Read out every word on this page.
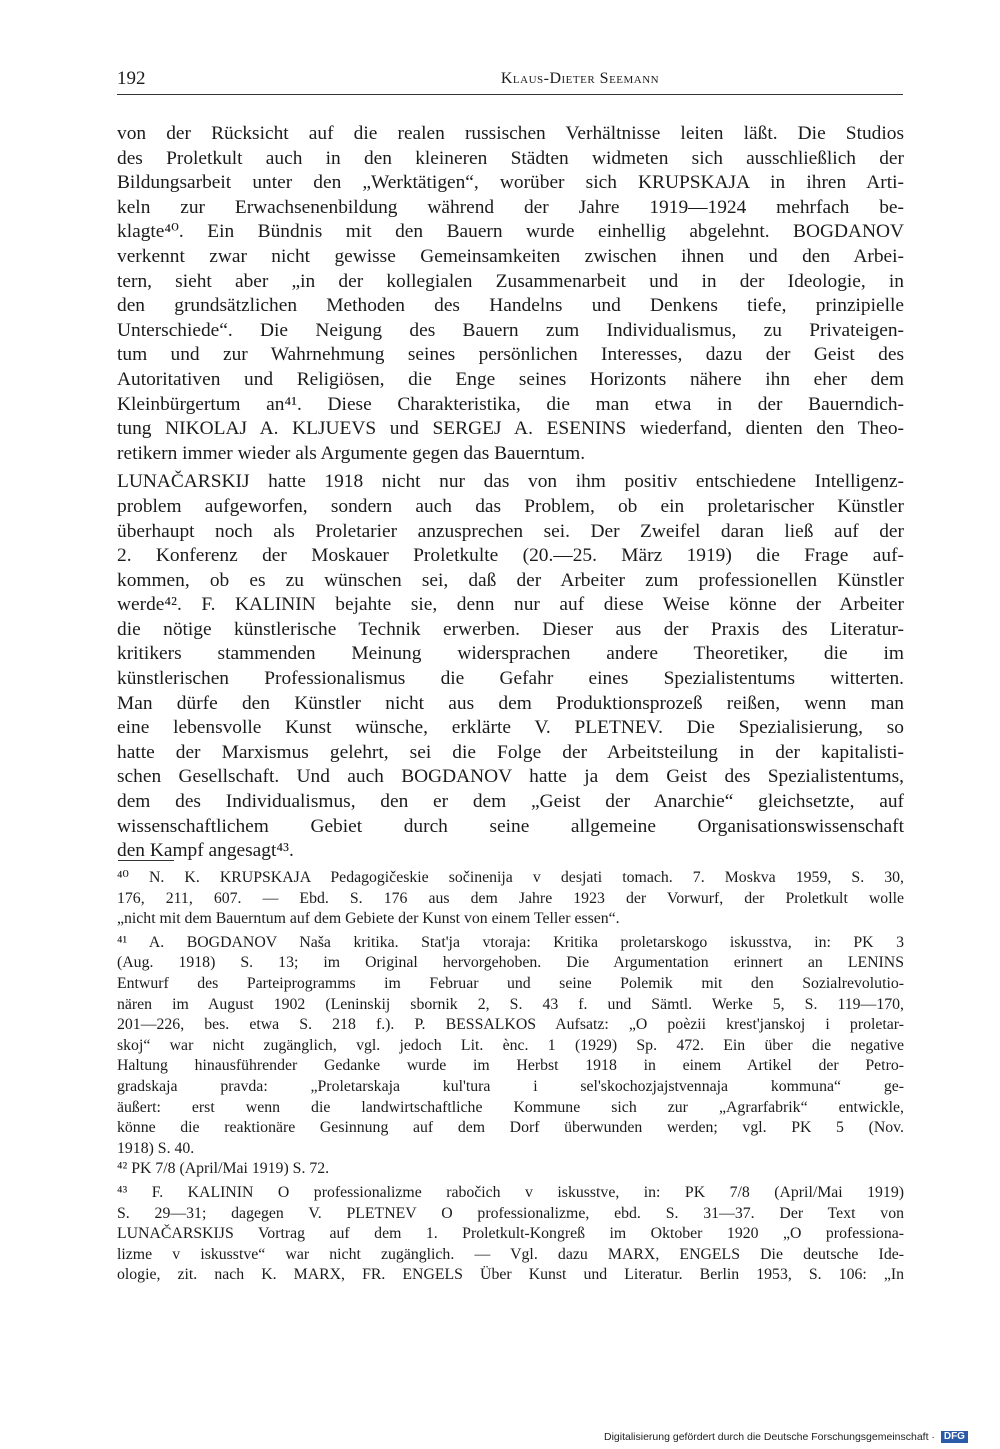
192	Klaus-Dieter Seemann
von der Rücksicht auf die realen russischen Verhältnisse leiten läßt. Die Studios
des Proletkult auch in den kleineren Städten widmeten sich ausschließlich der
Bildungsarbeit unter den „Werktätigen“, worüber sich KRUPSKAJA in ihren Arti-
keln zur Erwachsenenbildung während der Jahre 1919—1924 mehrfach be-
klagte⁴⁰. Ein Bündnis mit den Bauern wurde einhellig abgelehnt. BOGDANOV
verkennt zwar nicht gewisse Gemeinsamkeiten zwischen ihnen und den Arbei-
tern, sieht aber „in der kollegialen Zusammenarbeit und in der Ideologie, in
den grundsätzlichen Methoden des Handelns und Denkens tiefe, prinzipielle
Unterschiede“. Die Neigung des Bauern zum Individualismus, zu Privateigen-
tum und zur Wahrnehmung seines persönlichen Interesses, dazu der Geist des
Autoritativen und Religiösen, die Enge seines Horizonts nähere ihn eher dem
Kleinbürgertum an⁴¹. Diese Charakteristika, die man etwa in der Bauerndich-
tung NIKOLAJ A. KLJUEVS und SERGEJ A. ESENINS wiederfand, dienten den Theo-
retikern immer wieder als Argumente gegen das Bauerntum.
LUNAČARSKIJ hatte 1918 nicht nur das von ihm positiv entschiedene Intelligenz-
problem aufgeworfen, sondern auch das Problem, ob ein proletarischer Künstler
überhaupt noch als Proletarier anzusprechen sei. Der Zweifel daran ließ auf der
2. Konferenz der Moskauer Proletkulte (20.—25. März 1919) die Frage auf-
kommen, ob es zu wünschen sei, daß der Arbeiter zum professionellen Künstler
werde⁴². F. KALININ bejahte sie, denn nur auf diese Weise könne der Arbeiter
die nötige künstlerische Technik erwerben. Dieser aus der Praxis des Literatur-
kritikers stammenden Meinung widersprachen andere Theoretiker, die im
künstlerischen Professionalismus die Gefahr eines Spezialistentums witterten.
Man dürfe den Künstler nicht aus dem Produktionsprozeß reißen, wenn man
eine lebensvolle Kunst wünsche, erklärte V. PLETNEV. Die Spezialisierung, so
hatte der Marxismus gelehrt, sei die Folge der Arbeitsteilung in der kapitalisti-
schen Gesellschaft. Und auch BOGDANOV hatte ja dem Geist des Spezialistentums,
dem des Individualismus, den er dem „Geist der Anarchie“ gleichsetzte, auf
wissenschaftlichem Gebiet durch seine allgemeine Organisationswissenschaft
den Kampf angesagt⁴³.
⁴⁰ N. K. KRUPSKAJA Pedagogičeskie sočinenija v desjati tomach. 7. Moskva 1959, S. 30,
176, 211, 607. — Ebd. S. 176 aus dem Jahre 1923 der Vorwurf, der Proletkult wolle
„nicht mit dem Bauerntum auf dem Gebiete der Kunst von einem Teller essen“.
⁴¹ A. BOGDANOV Naša kritika. Stat'ja vtoraja: Kritika proletarskogo iskusstva, in: PK 3
(Aug. 1918) S. 13; im Original hervorgehoben. Die Argumentation erinnert an LENINS
Entwurf des Parteiprogramms im Februar und seine Polemik mit den Sozialrevolutio-
nären im August 1902 (Leninskij sbornik 2, S. 43 f. und Sämtl. Werke 5, S. 119—170,
201—226, bes. etwa S. 218 f.). P. BESSALKOS Aufsatz: „O poèzii krest'janskoj i proletar-
skoj“ war nicht zugänglich, vgl. jedoch Lit. ènc. 1 (1929) Sp. 472. Ein über die negative
Haltung hinausführender Gedanke wurde im Herbst 1918 in einem Artikel der Petro-
gradskaja pravda: „Proletarskaja kul'tura i sel'skochozjajstvennaja kommuna“ ge-
äußert: erst wenn die landwirtschaftliche Kommune sich zur „Agrarfabrik“ entwickle,
könne die reaktionäre Gesinnung auf dem Dorf überwunden werden; vgl. PK 5 (Nov.
1918) S. 40.
⁴² PK 7/8 (April/Mai 1919) S. 72.
⁴³ F. KALININ O professionalizme rabočich v iskusstve, in: PK 7/8 (April/Mai 1919)
S. 29—31; dagegen V. PLETNEV O professionalizme, ebd. S. 31—37. Der Text von
LUNAČARSKIJS Vortrag auf dem 1. Proletkult-Kongreß im Oktober 1920 „O professiona-
lizme v iskusstve“ war nicht zugänglich. — Vgl. dazu MARX, ENGELS Die deutsche Ide-
ologie, zit. nach K. MARX, FR. ENGELS Über Kunst und Literatur. Berlin 1953, S. 106: „In
Digitalisierung gefördert durch die Deutsche Forschungsgemeinschaft · DFG
